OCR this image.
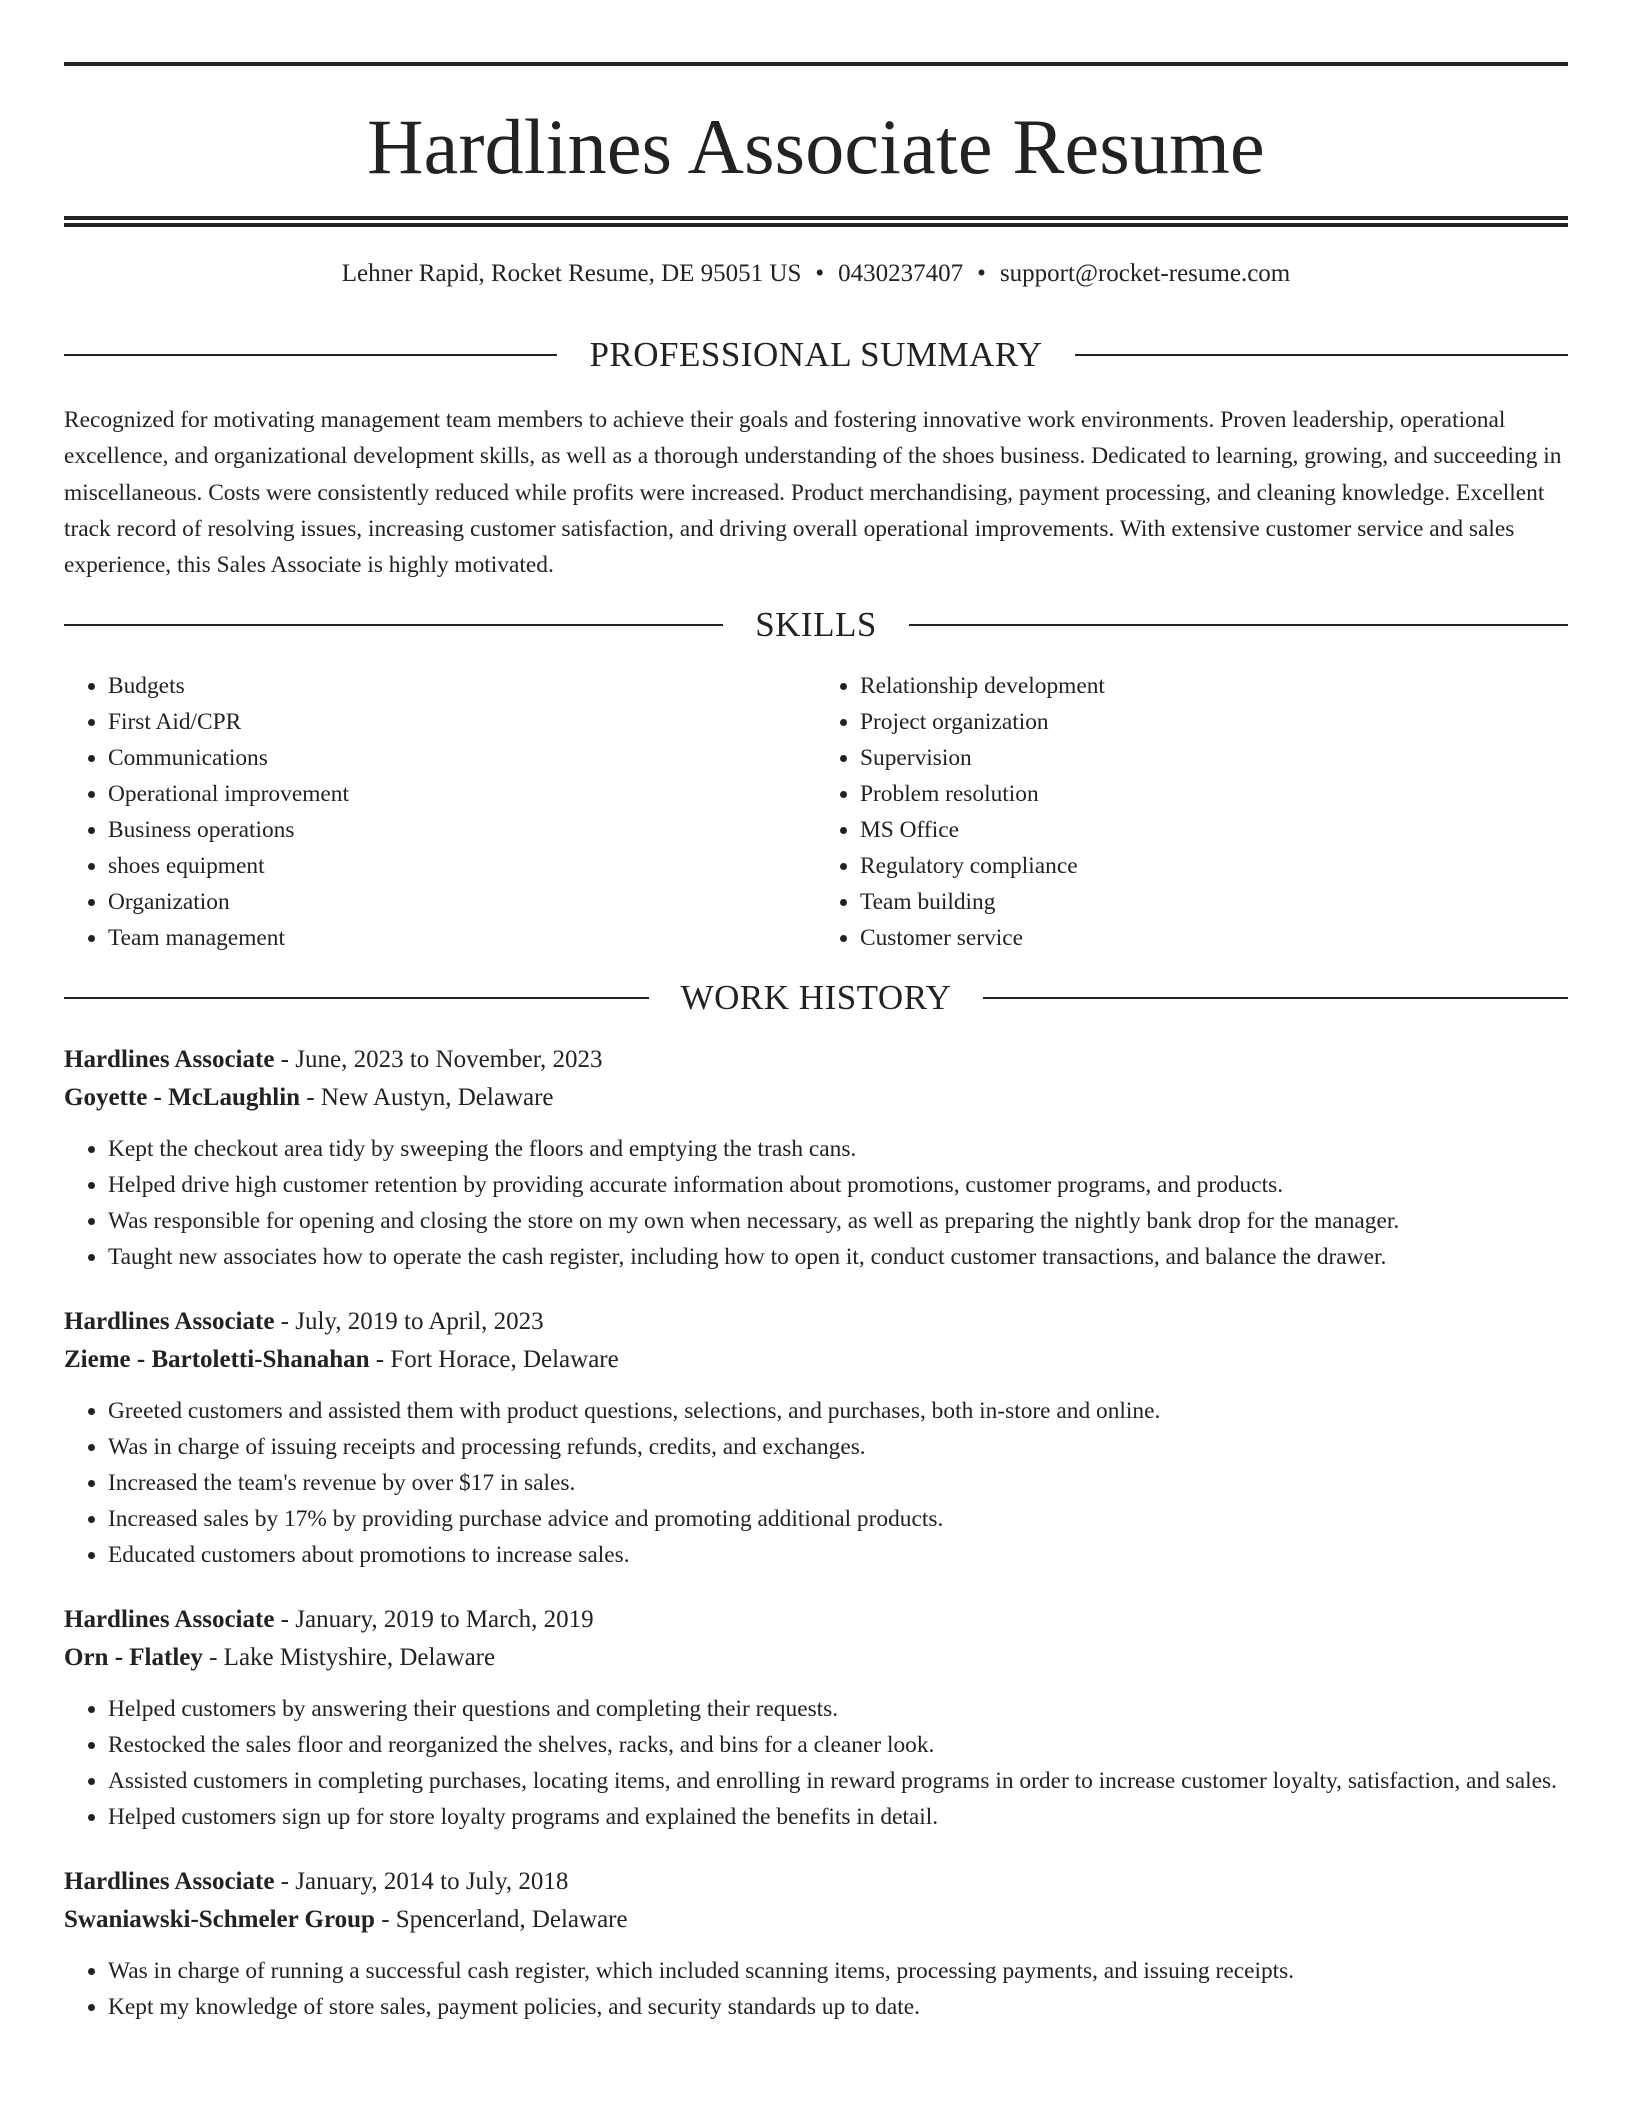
Hardlines Associate Resume
Lehner Rapid, Rocket Resume, DE 95051 US • 0430237407 • support@rocket-resume.com
PROFESSIONAL SUMMARY

Recognized for motivating management team members to achieve their goals and fostering innovative work environments. Proven leadership, operational excellence, and organizational development skills, as well as a thorough understanding of the shoes business. Dedicated to learning, growing, and succeeding in miscellaneous. Costs were consistently reduced while profits were increased. Product merchandising, payment processing, and cleaning knowledge. Excellent track record of resolving issues, increasing customer satisfaction, and driving overall operational improvements. With extensive customer service and sales experience, this Sales Associate is highly motivated.

SKILLS
• Budgets
• First Aid/CPR
• Communications
• Operational improvement
• Business operations
• shoes equipment
• Organization
• Team management
• Relationship development
• Project organization
• Supervision
• Problem resolution
• MS Office
• Regulatory compliance
• Team building
• Customer service
WORK HISTORY
Hardlines Associate - June, 2023 to November, 2023
Goyette - McLaughlin - New Austyn, Delaware
• Kept the checkout area tidy by sweeping the floors and emptying the trash cans.
• Helped drive high customer retention by providing accurate information about promotions, customer programs, and products.
• Was responsible for opening and closing the store on my own when necessary, as well as preparing the nightly bank drop for the manager.
• Taught new associates how to operate the cash register, including how to open it, conduct customer transactions, and balance the drawer.
Hardlines Associate - July, 2019 to April, 2023
Zieme - Bartoletti-Shanahan - Fort Horace, Delaware
• Greeted customers and assisted them with product questions, selections, and purchases, both in-store and online.
• Was in charge of issuing receipts and processing refunds, credits, and exchanges.
• Increased the team's revenue by over $17 in sales.
• Increased sales by 17% by providing purchase advice and promoting additional products.
• Educated customers about promotions to increase sales.
Hardlines Associate - January, 2019 to March, 2019
Orn - Flatley - Lake Mistyshire, Delaware
• Helped customers by answering their questions and completing their requests.
• Restocked the sales floor and reorganized the shelves, racks, and bins for a cleaner look.
• Assisted customers in completing purchases, locating items, and enrolling in reward programs in order to increase customer loyalty, satisfaction, and sales.
• Helped customers sign up for store loyalty programs and explained the benefits in detail.
Hardlines Associate - January, 2014 to July, 2018
Swaniawski-Schmeler Group - Spencerland, Delaware
• Was in charge of running a successful cash register, which included scanning items, processing payments, and issuing receipts.
• Kept my knowledge of store sales, payment policies, and security standards up to date.
